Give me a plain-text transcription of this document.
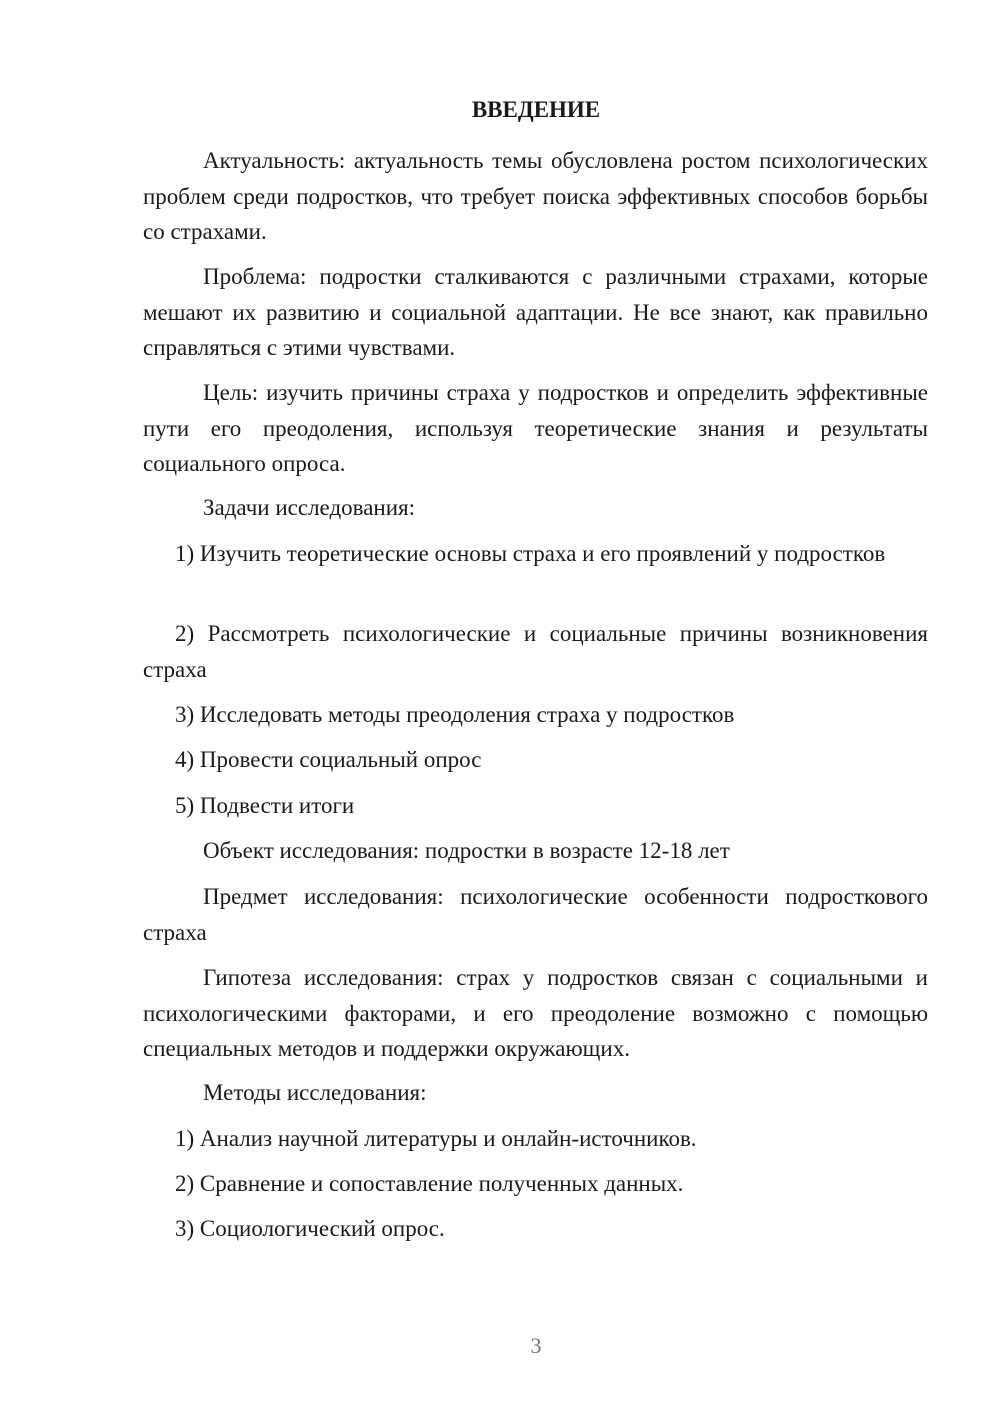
ВВЕДЕНИЕ

Актуальность: актуальность темы обусловлена ростом психологических проблем среди подростков, что требует поиска эффективных способов борьбы со страхами.

Проблема: подростки сталкиваются с различными страхами, которые мешают их развитию и социальной адаптации. Не все знают, как правильно справляться с этими чувствами.

Цель: изучить причины страха у подростков и определить эффективные пути его преодоления, используя теоретические знания и результаты социального опроса.

Задачи исследования:

1) Изучить теоретические основы страха и его проявлений у подростков

2) Рассмотреть психологические и социальные причины возникновения страха

3) Исследовать методы преодоления страха у подростков

4) Провести социальный опрос

5) Подвести итоги

Объект исследования: подростки в возрасте 12-18 лет

Предмет исследования: психологические особенности подросткового страха

Гипотеза исследования: страх у подростков связан с социальными и психологическими факторами, и его преодоление возможно с помощью специальных методов и поддержки окружающих.

Методы исследования:

1) Анализ научной литературы и онлайн-источников.

2) Сравнение и сопоставление полученных данных.

3) Социологический опрос.

3
